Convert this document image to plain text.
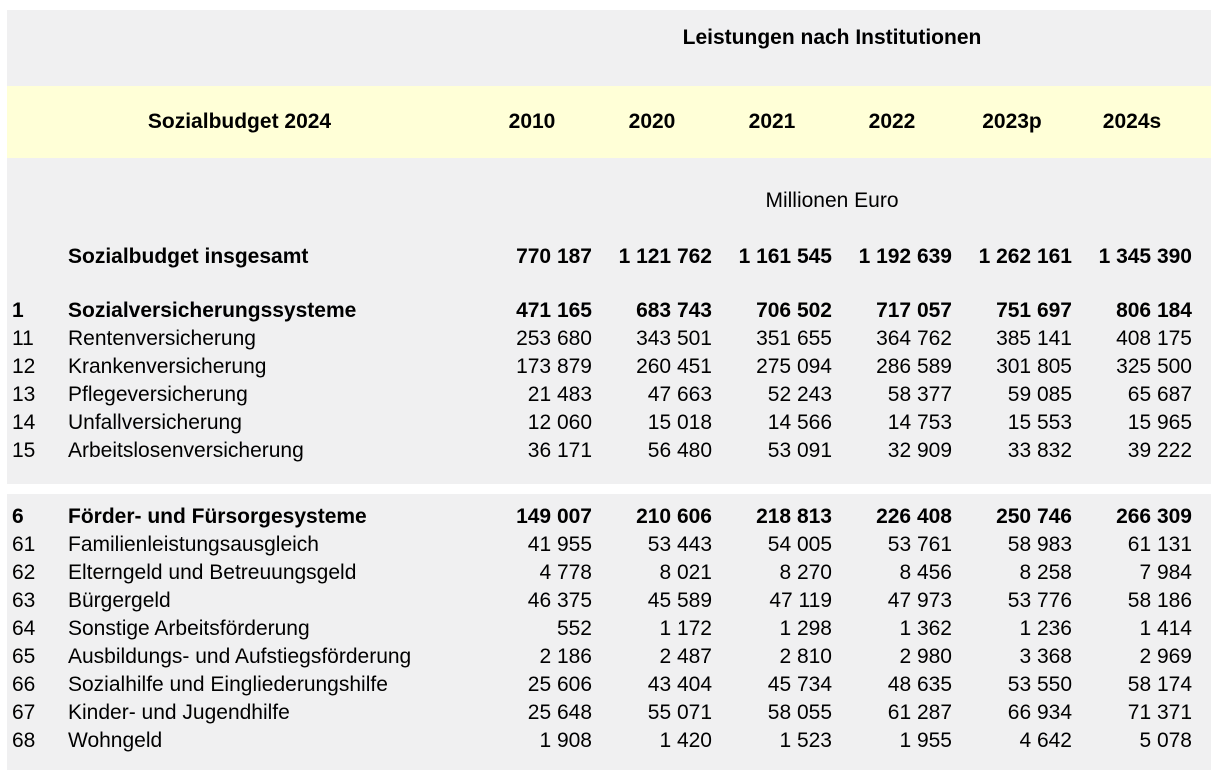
Leistungen nach Institutionen
Sozialbudget 2024	2010	2020	2021	2022	2023p	2024s
Millionen Euro
Sozialbudget insgesamt	770 187	1 121 762	1 161 545	1 192 639	1 262 161	1 345 390
1	Sozialversicherungssysteme	471 165	683 743	706 502	717 057	751 697	806 184
11	Rentenversicherung	253 680	343 501	351 655	364 762	385 141	408 175
12	Krankenversicherung	173 879	260 451	275 094	286 589	301 805	325 500
13	Pflegeversicherung	21 483	47 663	52 243	58 377	59 085	65 687
14	Unfallversicherung	12 060	15 018	14 566	14 753	15 553	15 965
15	Arbeitslosenversicherung	36 171	56 480	53 091	32 909	33 832	39 222
6	Förder- und Fürsorgesysteme	149 007	210 606	218 813	226 408	250 746	266 309
61	Familienleistungsausgleich	41 955	53 443	54 005	53 761	58 983	61 131
62	Elterngeld und Betreuungsgeld	4 778	8 021	8 270	8 456	8 258	7 984
63	Bürgergeld	46 375	45 589	47 119	47 973	53 776	58 186
64	Sonstige Arbeitsförderung	552	1 172	1 298	1 362	1 236	1 414
65	Ausbildungs- und Aufstiegsförderung	2 186	2 487	2 810	2 980	3 368	2 969
66	Sozialhilfe und Eingliederungshilfe	25 606	43 404	45 734	48 635	53 550	58 174
67	Kinder- und Jugendhilfe	25 648	55 071	58 055	61 287	66 934	71 371
68	Wohngeld	1 908	1 420	1 523	1 955	4 642	5 078
